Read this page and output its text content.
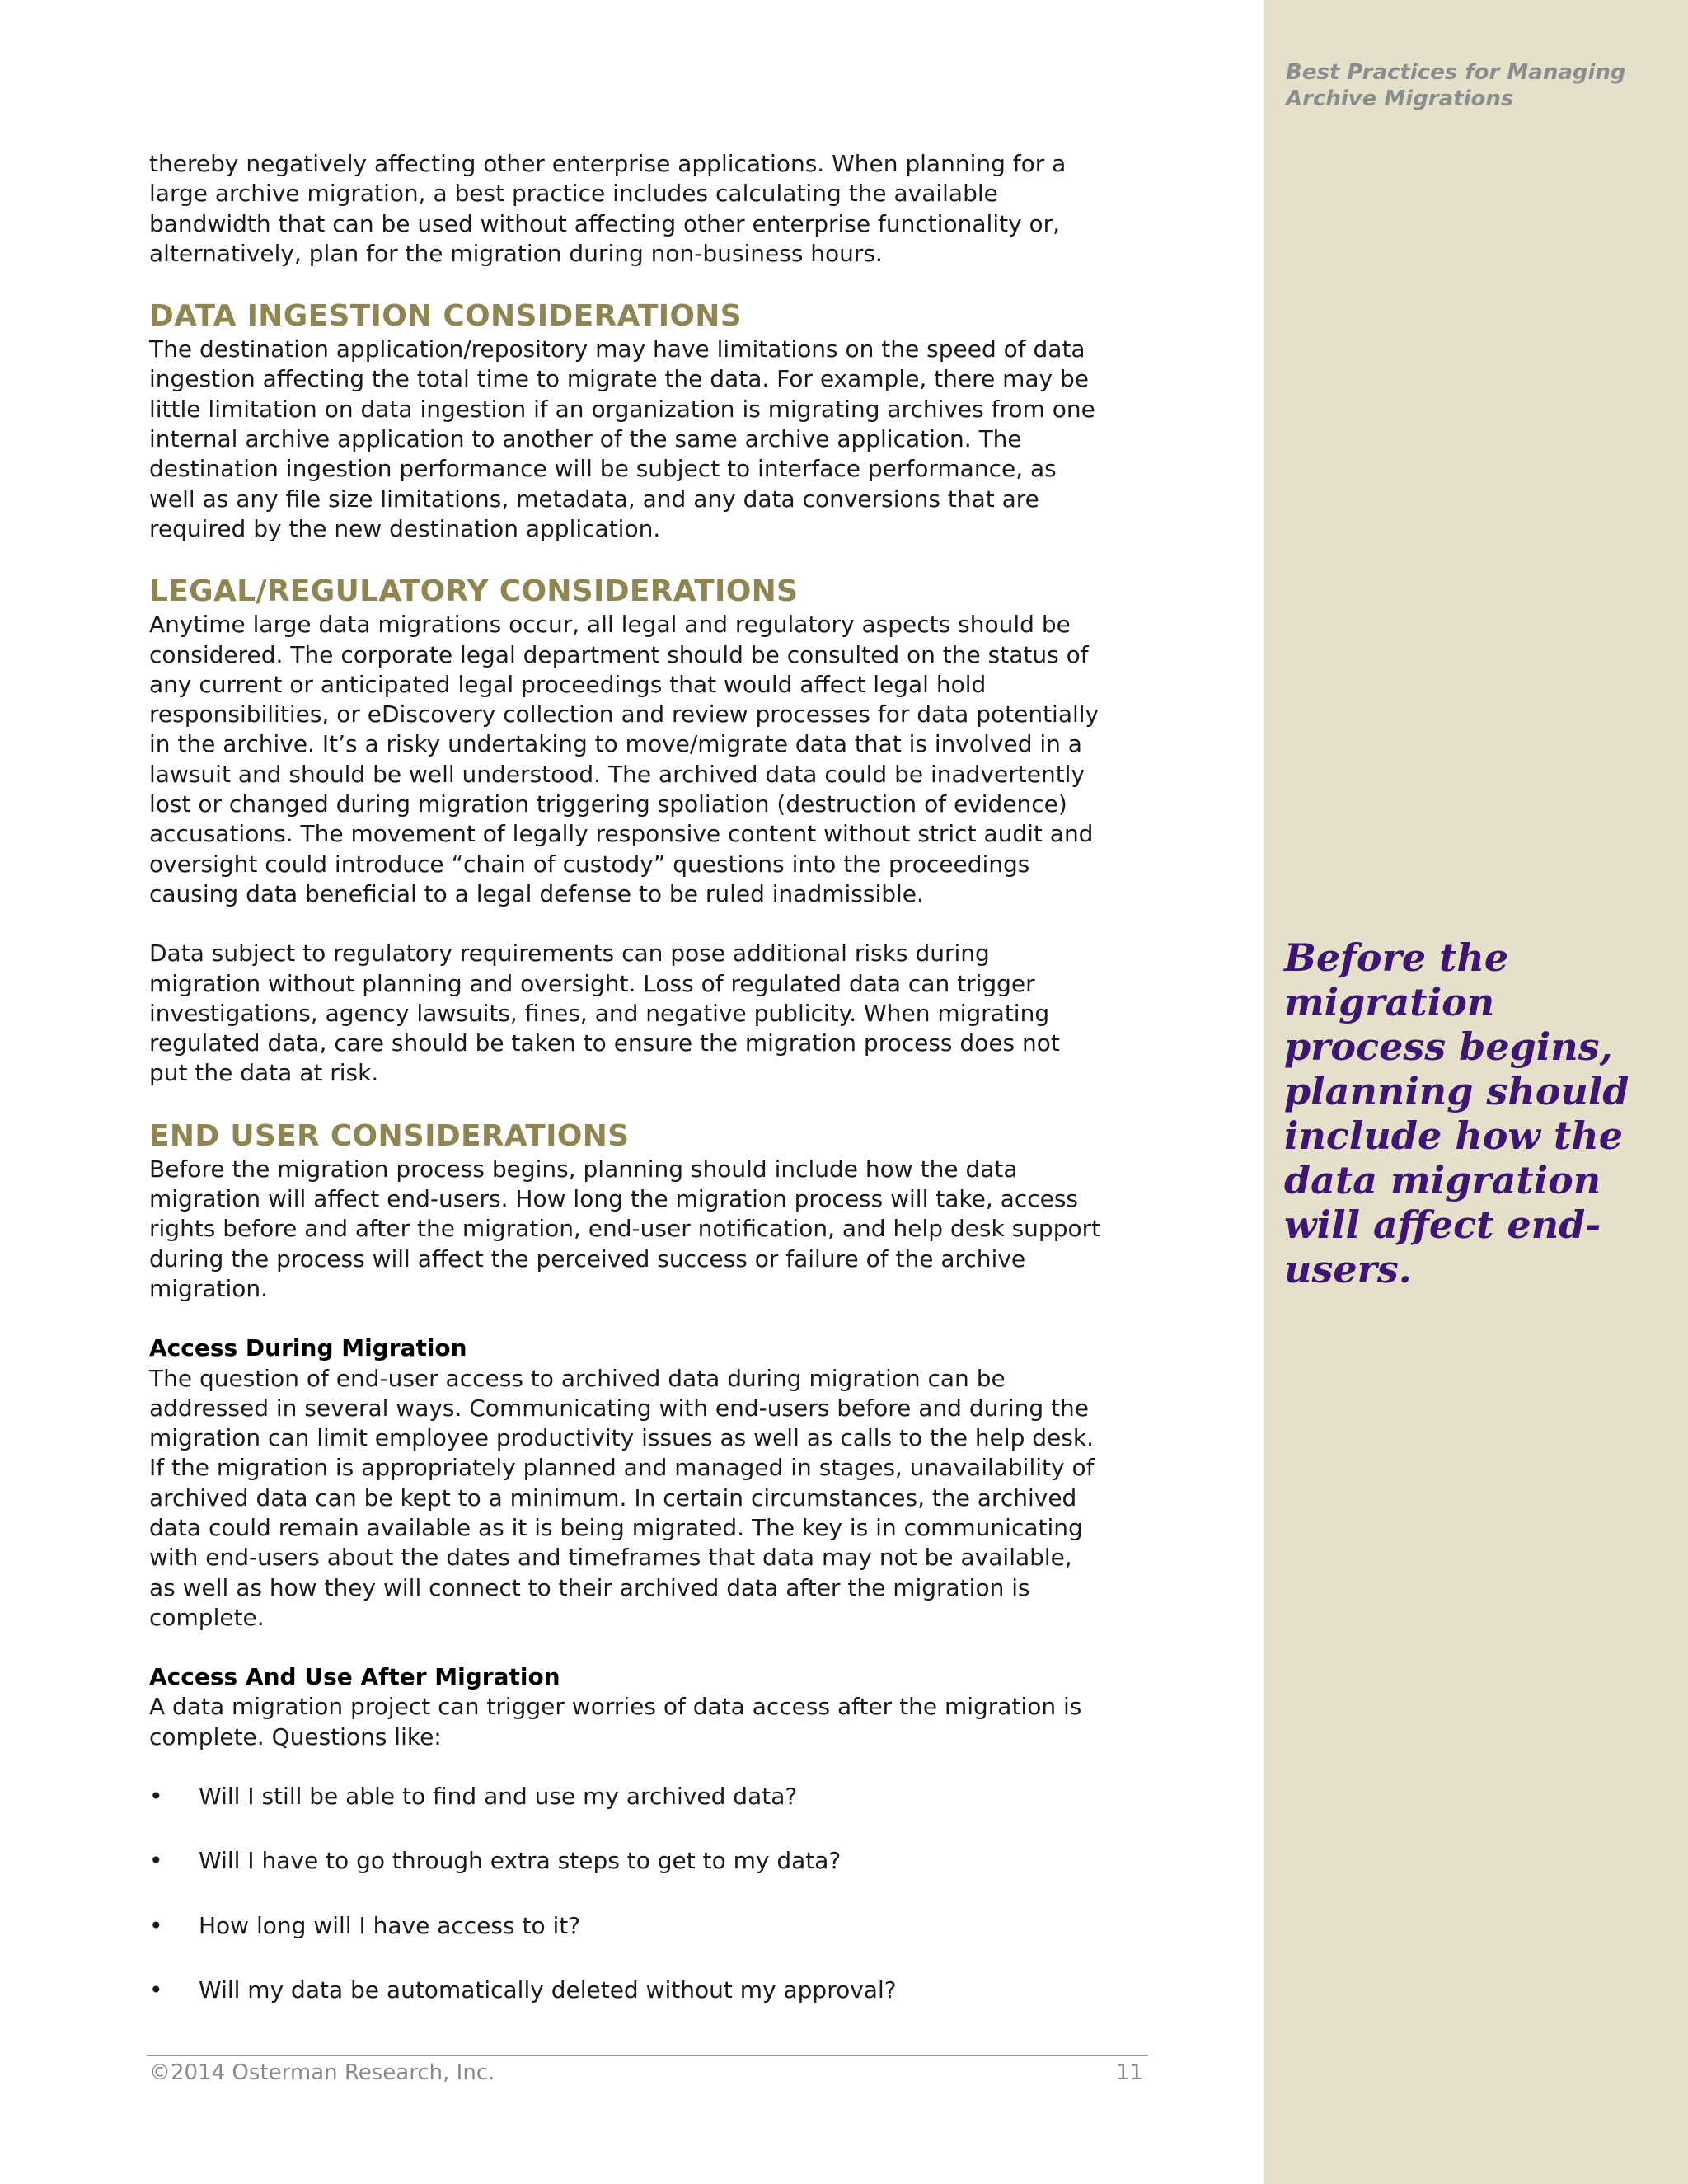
Best Practices for Managing
Archive Migrations
Before the migration process begins, planning should include how the data migration will affect end-users.

thereby negatively affecting other enterprise applications. When planning for a large archive migration, a best practice includes calculating the available bandwidth that can be used without affecting other enterprise functionality or, alternatively, plan for the migration during non-business hours.

DATA INGESTION CONSIDERATIONS

The destination application/repository may have limitations on the speed of data ingestion affecting the total time to migrate the data. For example, there may be little limitation on data ingestion if an organization is migrating archives from one internal archive application to another of the same archive application. The destination ingestion performance will be subject to interface performance, as well as any file size limitations, metadata, and any data conversions that are required by the new destination application.

LEGAL/REGULATORY CONSIDERATIONS

Anytime large data migrations occur, all legal and regulatory aspects should be considered. The corporate legal department should be consulted on the status of any current or anticipated legal proceedings that would affect legal hold responsibilities, or eDiscovery collection and review processes for data potentially in the archive. It’s a risky undertaking to move/migrate data that is involved in a lawsuit and should be well understood. The archived data could be inadvertently lost or changed during migration triggering spoliation (destruction of evidence) accusations. The movement of legally responsive content without strict audit and oversight could introduce “chain of custody” questions into the proceedings causing data beneficial to a legal defense to be ruled inadmissible.

Data subject to regulatory requirements can pose additional risks during migration without planning and oversight. Loss of regulated data can trigger investigations, agency lawsuits, fines, and negative publicity. When migrating regulated data, care should be taken to ensure the migration process does not put the data at risk.

END USER CONSIDERATIONS

Before the migration process begins, planning should include how the data migration will affect end-users. How long the migration process will take, access rights before and after the migration, end-user notification, and help desk support during the process will affect the perceived success or failure of the archive migration.

Access During Migration

The question of end-user access to archived data during migration can be addressed in several ways. Communicating with end-users before and during the migration can limit employee productivity issues as well as calls to the help desk. If the migration is appropriately planned and managed in stages, unavailability of archived data can be kept to a minimum. In certain circumstances, the archived data could remain available as it is being migrated. The key is in communicating with end-users about the dates and timeframes that data may not be available, as well as how they will connect to their archived data after the migration is complete.

Access And Use After Migration

A data migration project can trigger worries of data access after the migration is complete. Questions like:

• Will I still be able to find and use my archived data?
• Will I have to go through extra steps to get to my data?
• How long will I have access to it?
• Will my data be automatically deleted without my approval?
©2014 Osterman Research, Inc.	11
